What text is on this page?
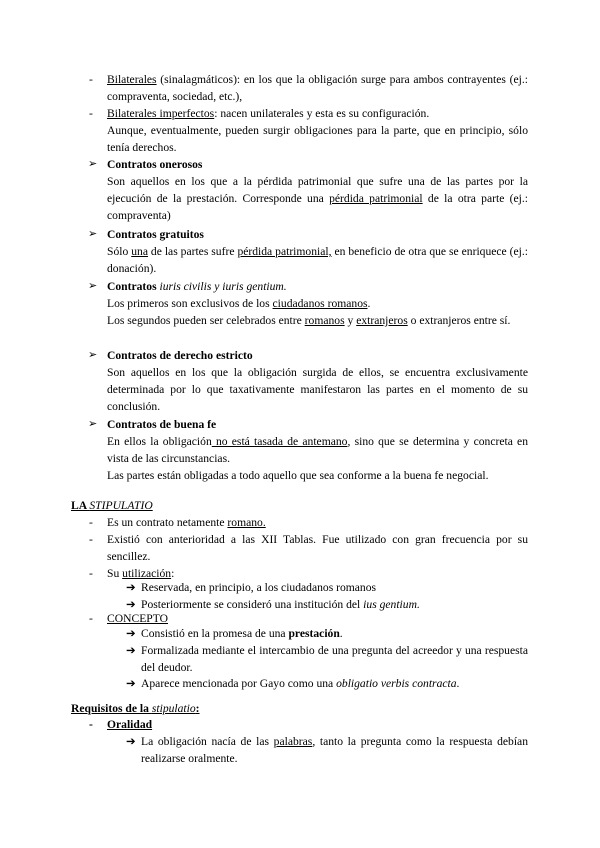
-	Bilaterales (sinalagmáticos): en los que la obligación surge para ambos contrayentes (ej.: compraventa, sociedad, etc.),
-	Bilaterales imperfectos: nacen unilaterales y esta es su configuración.
Aunque, eventualmente, pueden surgir obligaciones para la parte, que en principio, sólo tenía derechos.
➢ Contratos onerosos
Son aquellos en los que a la pérdida patrimonial que sufre una de las partes por la ejecución de la prestación. Corresponde una pérdida patrimonial de la otra parte (ej.: compraventa)
➢ Contratos gratuitos
Sólo una de las partes sufre pérdida patrimonial, en beneficio de otra que se enriquece (ej.: donación).
➢ Contratos iuris civilis y iuris gentium.
Los primeros son exclusivos de los ciudadanos romanos.
Los segundos pueden ser celebrados entre romanos y extranjeros o extranjeros entre sí.
➢ Contratos de derecho estricto
Son aquellos en los que la obligación surgida de ellos, se encuentra exclusivamente determinada por lo que taxativamente manifestaron las partes en el momento de su conclusión.
➢ Contratos de buena fe
En ellos la obligación no está tasada de antemano, sino que se determina y concreta en vista de las circunstancias.
Las partes están obligadas a todo aquello que sea conforme a la buena fe negocial.
LA STIPULATIO
-	Es un contrato netamente romano.
-	Existió con anterioridad a las XII Tablas. Fue utilizado con gran frecuencia por su sencillez.
-	Su utilización:
➔ Reservada, en principio, a los ciudadanos romanos
➔ Posteriormente se consideró una institución del ius gentium.
-	CONCEPTO
➔ Consistió en la promesa de una prestación.
➔ Formalizada mediante el intercambio de una pregunta del acreedor y una respuesta del deudor.
➔ Aparece mencionada por Gayo como una obligatio verbis contracta.
Requisitos de la stipulatio:
-	Oralidad
➔ La obligación nacía de las palabras, tanto la pregunta como la respuesta debían realizarse oralmente.
